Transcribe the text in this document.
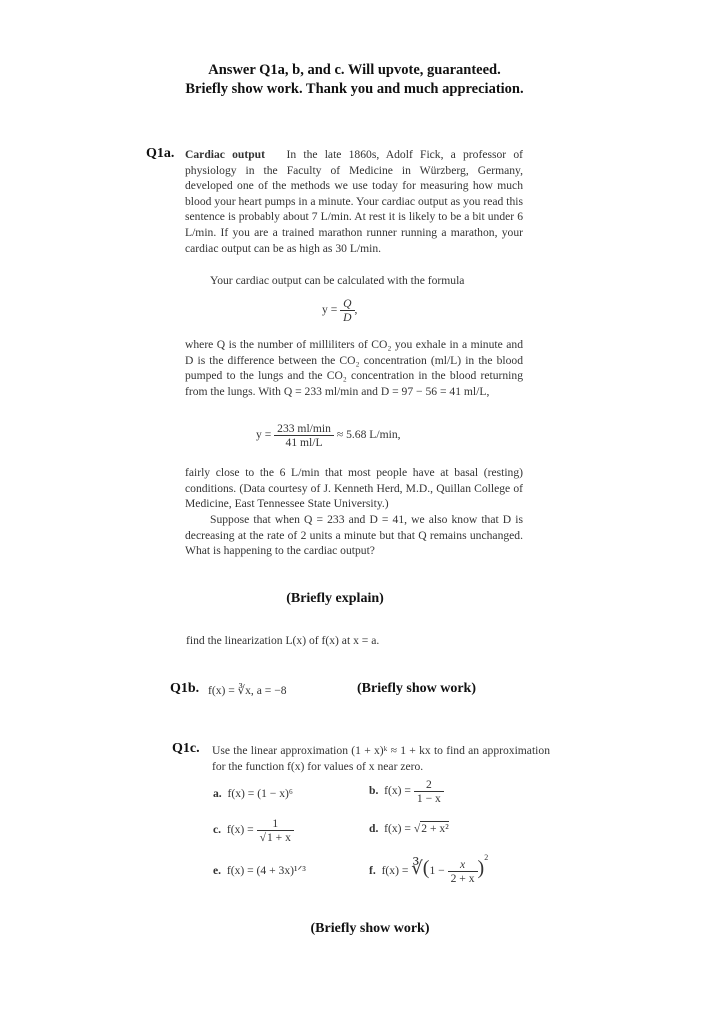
Answer Q1a, b, and c. Will upvote, guaranteed.
Briefly show work. Thank you and much appreciation.
Q1a. Cardiac output In the late 1860s, Adolf Fick, a professor of physiology in the Faculty of Medicine in Würzberg, Germany, developed one of the methods we use today for measuring how much blood your heart pumps in a minute. Your cardiac output as you read this sentence is probably about 7 L/min. At rest it is likely to be a bit under 6 L/min. If you are a trained marathon runner running a marathon, your cardiac output can be as high as 30 L/min.
Your cardiac output can be calculated with the formula
$y = \frac{Q}{D}$ ,
where Q is the number of milliliters of CO₂ you exhale in a minute and D is the difference between the CO₂ concentration (ml/L) in the blood pumped to the lungs and the CO₂ concentration in the blood returning from the lungs. With Q = 233 ml/min and D = 97 − 56 = 41 ml/L,
$y = \frac{233 ml/\min}{41 ml/L} \approx 5.68$ L/min,
fairly close to the 6 L/min that most people have at basal (resting) conditions. (Data courtesy of J. Kenneth Herd, M.D., Quillan College of Medicine, East Tennessee State University.)
Suppose that when Q = 233 and D = 41, we also know that D is decreasing at the rate of 2 units a minute but that Q remains unchanged. What is happening to the cardiac output?
(Briefly explain)
find the linearization L(x) of f(x) at x = a.
Q1b. f(x) = ∛x, a = −8	(Briefly show work)
Q1c. Use the linear approximation (1 + x)ᵏ ≈ 1 + kx to find an approximation for the function f(x) for values of x near zero.
a. f(x) = (1 − x)⁶	b. $f(x) = \frac{2}{1 - x}$
c. $f(x) = \frac{1}{√1 + x}$	d. f(x) = √2 + x²
e. f(x) = (4 + 3x)¹ᐟ³	f. f(x) = ∛(1 − $\frac{x}{2 + x} )^2$
(Briefly show work)
